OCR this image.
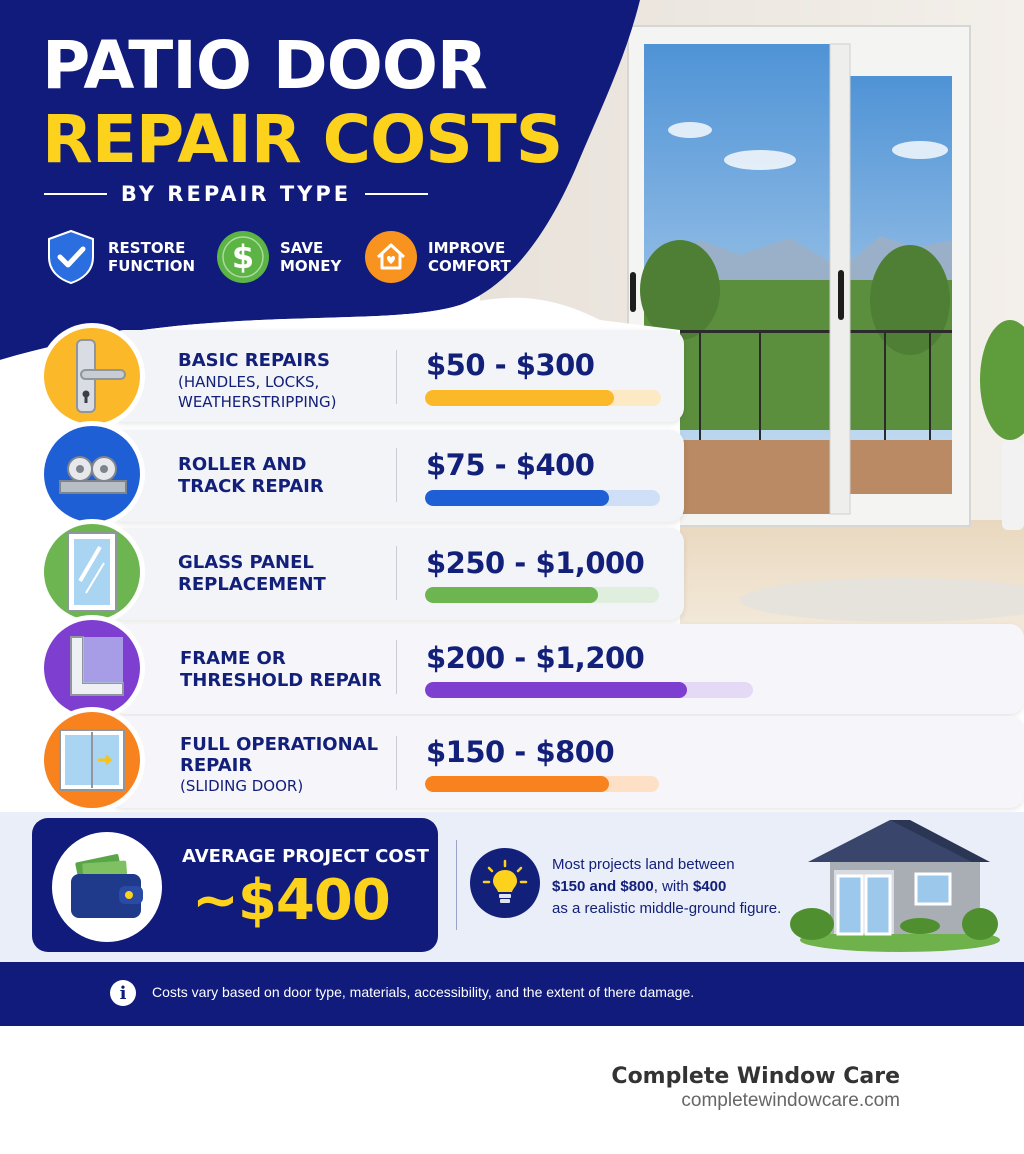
PATIO DOOR
REPAIR COSTS
BY REPAIR TYPE
RESTORE
FUNCTION $ SAVE
MONEY
IMPROVE
COMFORT
BASIC REPAIRS
(HANDLES, LOCKS,
WEATHERSTRIPPING)
$50 - $300
ROLLER AND
TRACK REPAIR
$75 - $400
GLASS PANEL
REPLACEMENT
$250 - $1,000
FRAME OR
THRESHOLD REPAIR
$200 - $1,200
FULL OPERATIONAL
REPAIR
(SLIDING DOOR)
$150 - $800
AVERAGE PROJECT COST
~$400
Most projects land between
$150 and $800, with $400
as a realistic middle-ground figure.
i	Costs vary based on door type, materials, accessibility, and the extent of there damage.
Complete Window Care
completewindowcare.com
